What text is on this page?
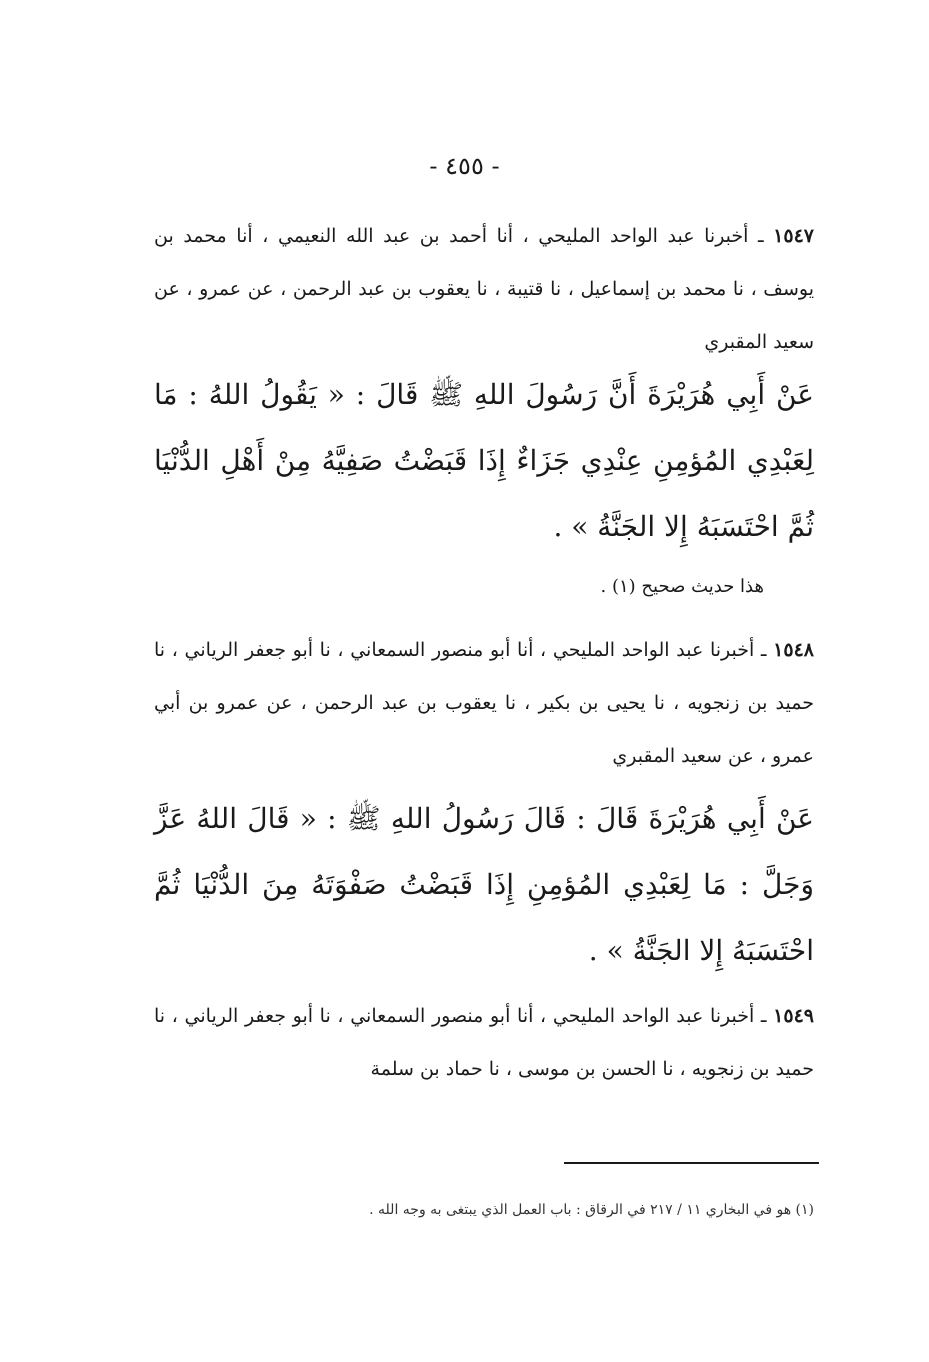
- ٤٥٥ -
١٥٤٧ ـ أخبرنا عبد الواحد المليحي ، أنا أحمد بن عبد الله النعيمي ، أنا محمد بن يوسف ، نا محمد بن إسماعيل ، نا قتيبة ، نا يعقوب بن عبد الرحمن ، عن عمرو ، عن سعيد المقبري
عَنْ أَبِي هُرَيْرَةَ أَنَّ رَسُولَ اللهِ ﷺ قَالَ : « يَقُولُ اللهُ : مَا لِعَبْدِي المُؤمِنِ عِنْدِي جَزَاءٌ إِذَا قَبَضْتُ صَفِيَّهُ مِنْ أَهْلِ الدُّنْيَا ثُمَّ احْتَسَبَهُ إِلا الجَنَّةُ » .
هذا حديث صحيح (١) .
١٥٤٨ ـ أخبرنا عبد الواحد المليحي ، أنا أبو منصور السمعاني ، نا أبو جعفر الرياني ، نا حميد بن زنجويه ، نا يحيى بن بكير ، نا يعقوب بن عبد الرحمن ، عن عمرو بن أبي عمرو ، عن سعيد المقبري
عَنْ أَبِي هُرَيْرَةَ قَالَ : قَالَ رَسُولُ اللهِ ﷺ : « قَالَ اللهُ عَزَّ وَجَلَّ : مَا لِعَبْدِي المُؤمِنِ إِذَا قَبَضْتُ صَفْوَتَهُ مِنَ الدُّنْيَا ثُمَّ احْتَسَبَهُ إِلا الجَنَّةُ » .
١٥٤٩ ـ أخبرنا عبد الواحد المليحي ، أنا أبو منصور السمعاني ، نا أبو جعفر الرياني ، نا حميد بن زنجويه ، نا الحسن بن موسى ، نا حماد بن سلمة
(١) هو في البخاري ١١ / ٢١٧ في الرقاق : باب العمل الذي يبتغى به وجه الله .
